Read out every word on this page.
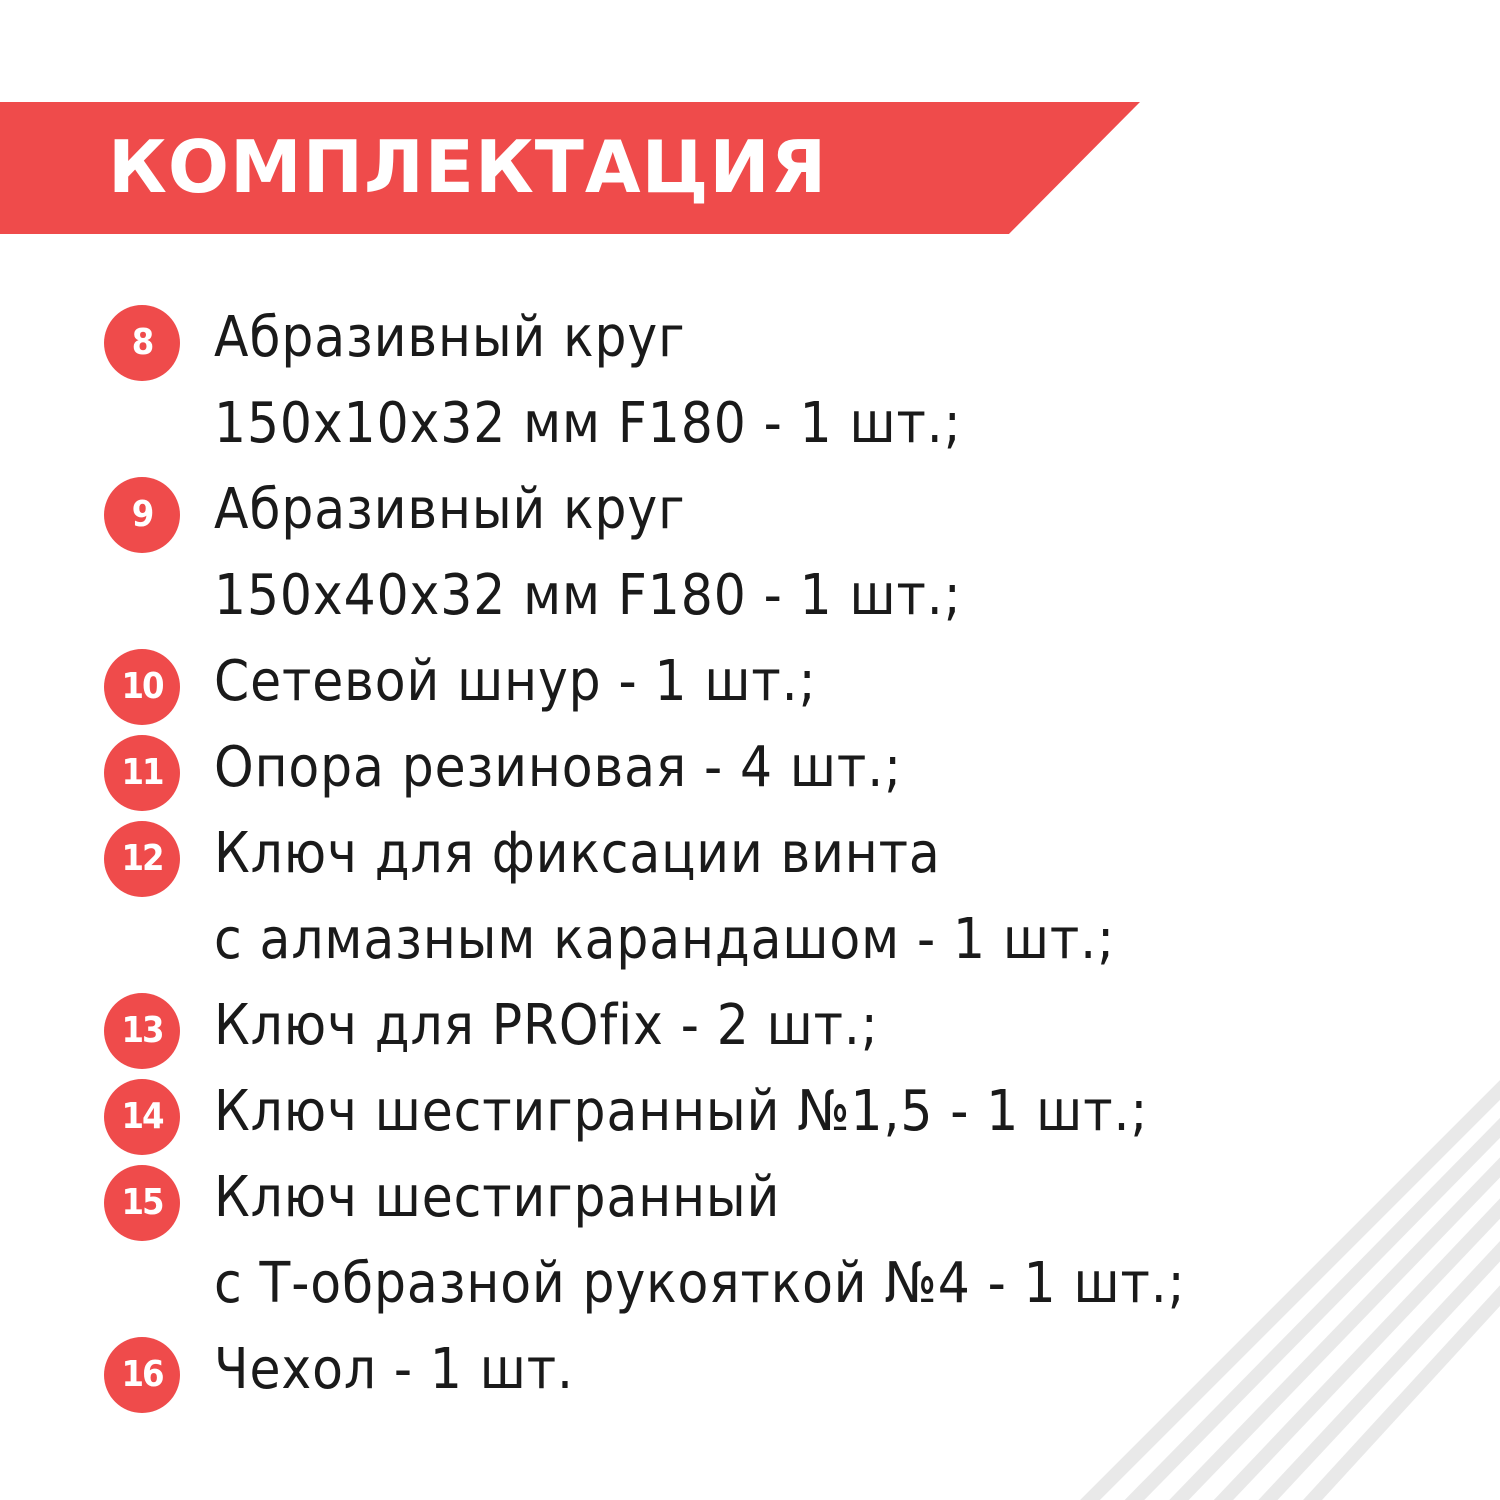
КОМПЛЕКТАЦИЯ
8	Абразивный круг
150x10x32 мм F180 - 1 шт.;
9	Абразивный круг
150x40x32 мм F180 - 1 шт.;
10 Сетевой шнур - 1 шт.;
11 Опора резиновая - 4 шт.;
12 Ключ для фиксации винта
с алмазным карандашом - 1 шт.;
13 Ключ для PROfix - 2 шт.;
14 Ключ шестигранный №1,5 - 1 шт.;
15 Ключ шестигранный
с Т-образной рукояткой №4 - 1 шт.;
16 Чехол - 1 шт.
